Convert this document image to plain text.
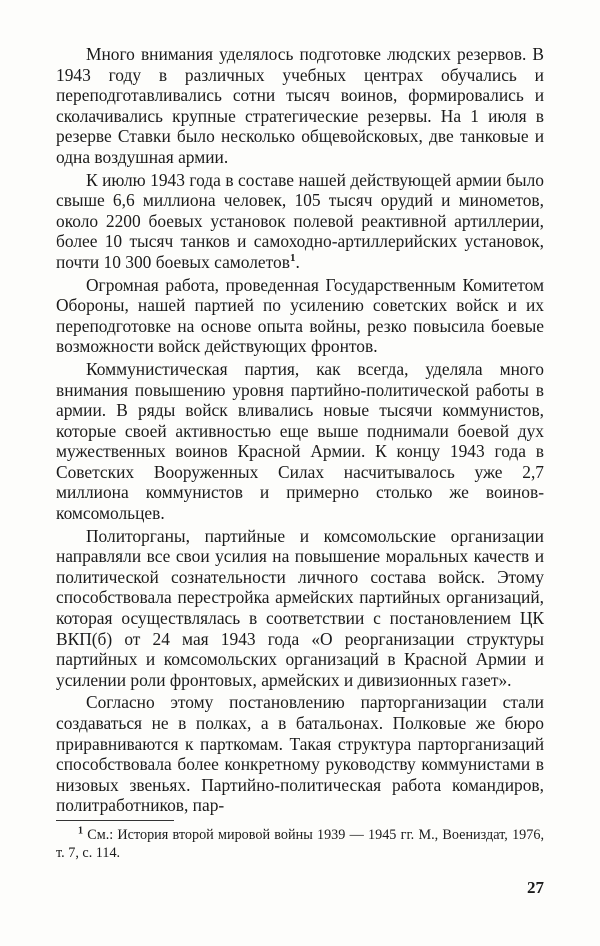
Много внимания уделялось подготовке людских резервов. В 1943 году в различных учебных центрах обучались и переподготавливались сотни тысяч воинов, формировались и сколачивались крупные стратегические резервы. На 1 июля в резерве Ставки было несколько общевойсковых, две танковые и одна воздушная армии.

К июлю 1943 года в составе нашей действующей армии было свыше 6,6 миллиона человек, 105 тысяч орудий и минометов, около 2200 боевых установок полевой реактивной артиллерии, более 10 тысяч танков и самоходно-артиллерийских установок, почти 10 300 боевых самолетов$^1$.

Огромная работа, проведенная Государственным Комитетом Обороны, нашей партией по усилению советских войск и их переподготовке на основе опыта войны, резко повысила боевые возможности войск действующих фронтов.

Коммунистическая партия, как всегда, уделяла много внимания повышению уровня партийно-политической работы в армии. В ряды войск вливались новые тысячи коммунистов, которые своей активностью еще выше поднимали боевой дух мужественных воинов Красной Армии. К концу 1943 года в Советских Вооруженных Силах насчитывалось уже 2,7 миллиона коммунистов и примерно столько же воинов-комсомольцев.

Политорганы, партийные и комсомольские организации направляли все свои усилия на повышение моральных качеств и политической сознательности личного состава войск. Этому способствовала перестройка армейских партийных организаций, которая осуществлялась в соответствии с постановлением ЦК ВКП(б) от 24 мая 1943 года «О реорганизации структуры партийных и комсомольских организаций в Красной Армии и усилении роли фронтовых, армейских и дивизионных газет».

Согласно этому постановлению парторганизации стали создаваться не в полках, а в батальонах. Полковые же бюро приравниваются к парткомам. Такая структура парторганизаций способствовала более конкретному руководству коммунистами в низовых звеньях. Партийно-политическая работа командиров, политработников, пар-

$^1$ См.: История второй мировой войны 1939 — 1945 гг. М., Воениздат, 1976, т. 7, с. 114.

27
